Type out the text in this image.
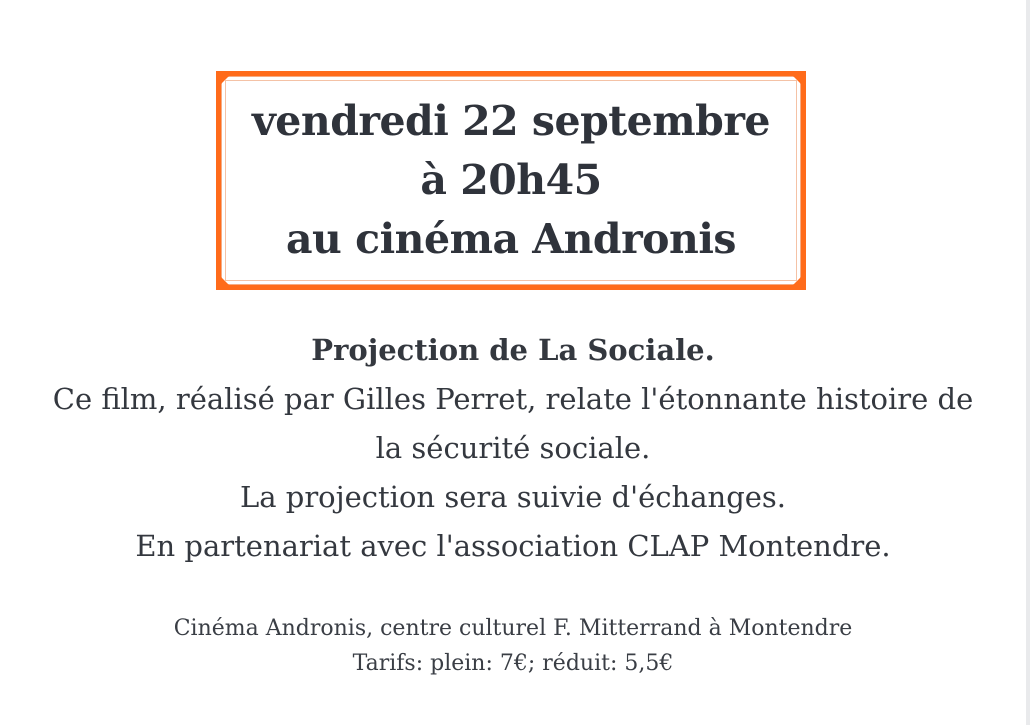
vendredi 22 septembre
à 20h45
au cinéma Andronis
Projection de La Sociale.
Ce film, réalisé par Gilles Perret, relate l'étonnante histoire de
la sécurité sociale.
La projection sera suivie d'échanges.
En partenariat avec l'association CLAP Montendre.
Cinéma Andronis, centre culturel F. Mitterrand à Montendre
Tarifs: plein: 7€; réduit: 5,5€
